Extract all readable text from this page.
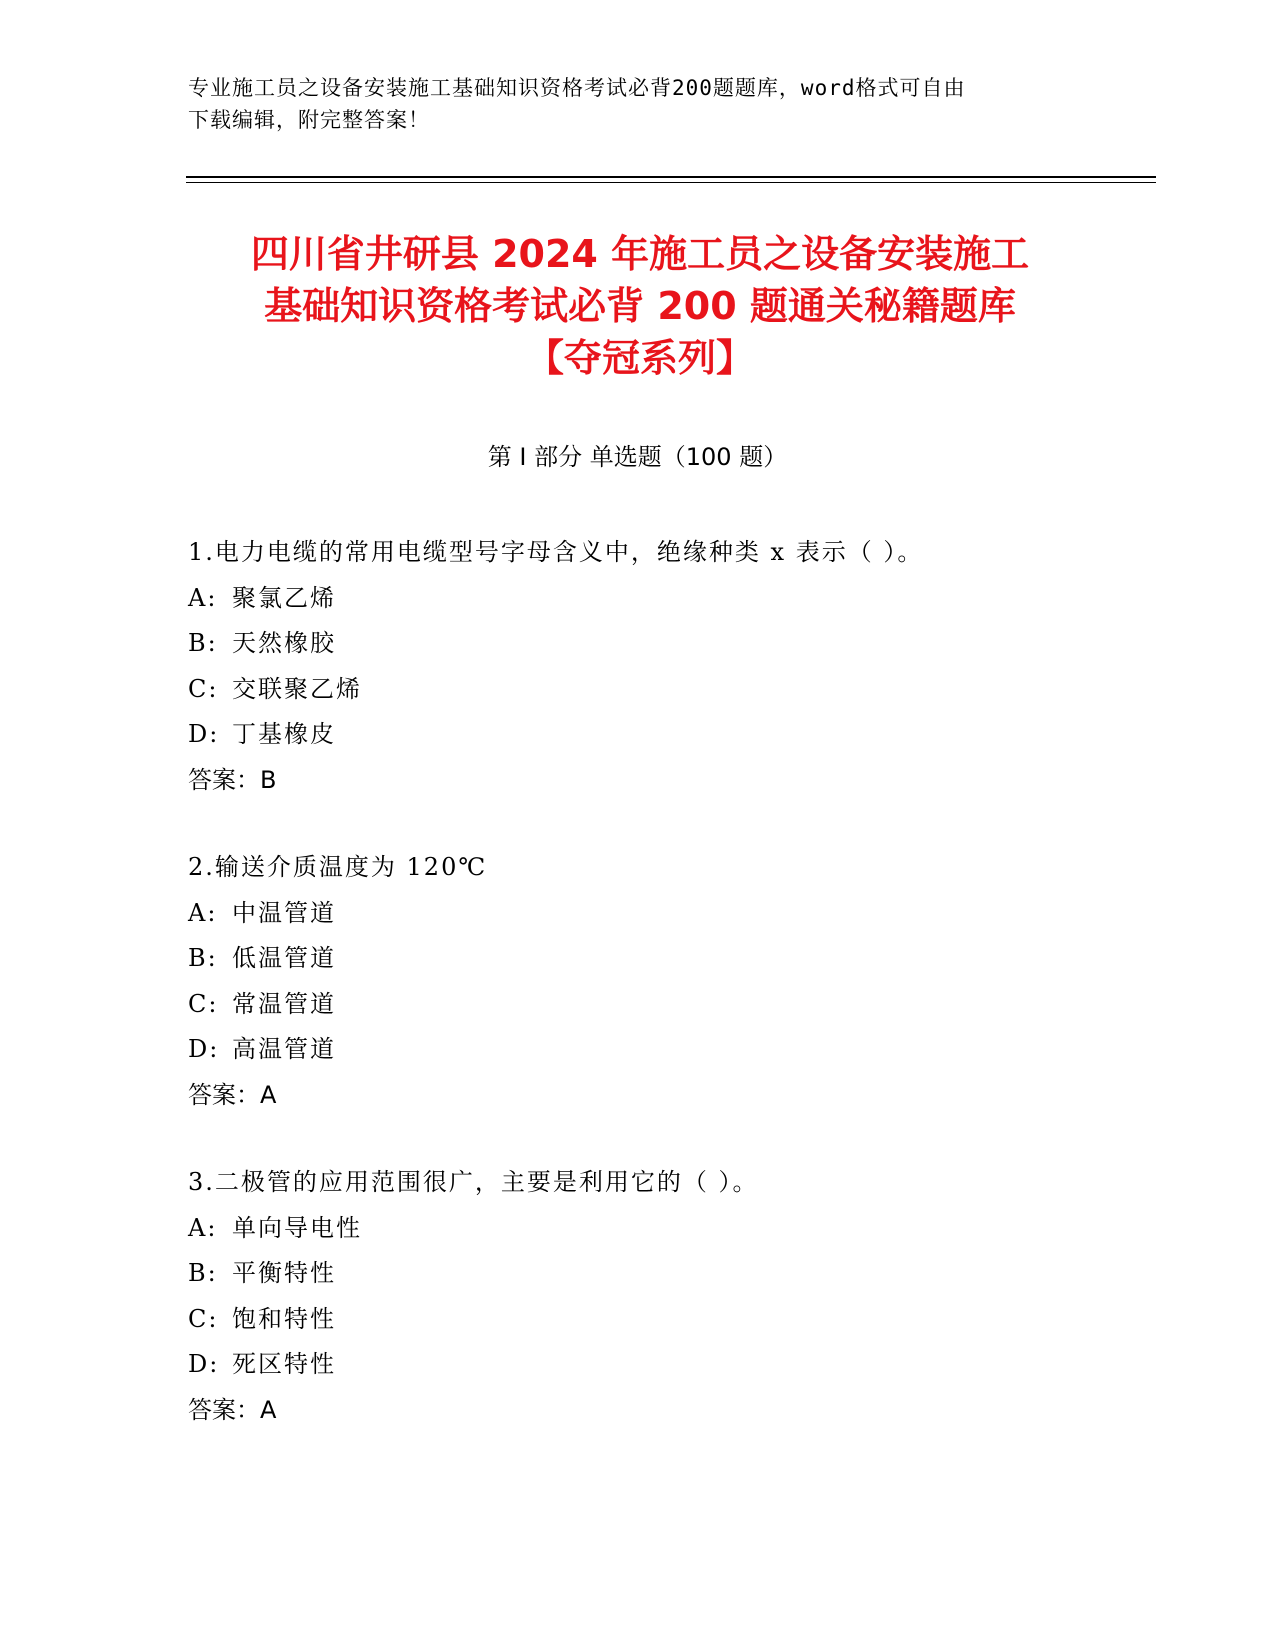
专业施工员之设备安装施工基础知识资格考试必背200题题库，word格式可自由
下载编辑，附完整答案！
四川省井研县 2024 年施工员之设备安装施工
基础知识资格考试必背 200 题通关秘籍题库
【夺冠系列】
第 I 部分 单选题（100 题）
1.电力电缆的常用电缆型号字母含义中，绝缘种类 x 表示（ ）。
A: 聚氯乙烯
B: 天然橡胶
C: 交联聚乙烯
D: 丁基橡皮
答案：B
2.输送介质温度为 120℃
A: 中温管道
B: 低温管道
C: 常温管道
D: 高温管道
答案：A
3.二极管的应用范围很广，主要是利用它的（ ）。
A: 单向导电性
B: 平衡特性
C: 饱和特性
D: 死区特性
答案：A
